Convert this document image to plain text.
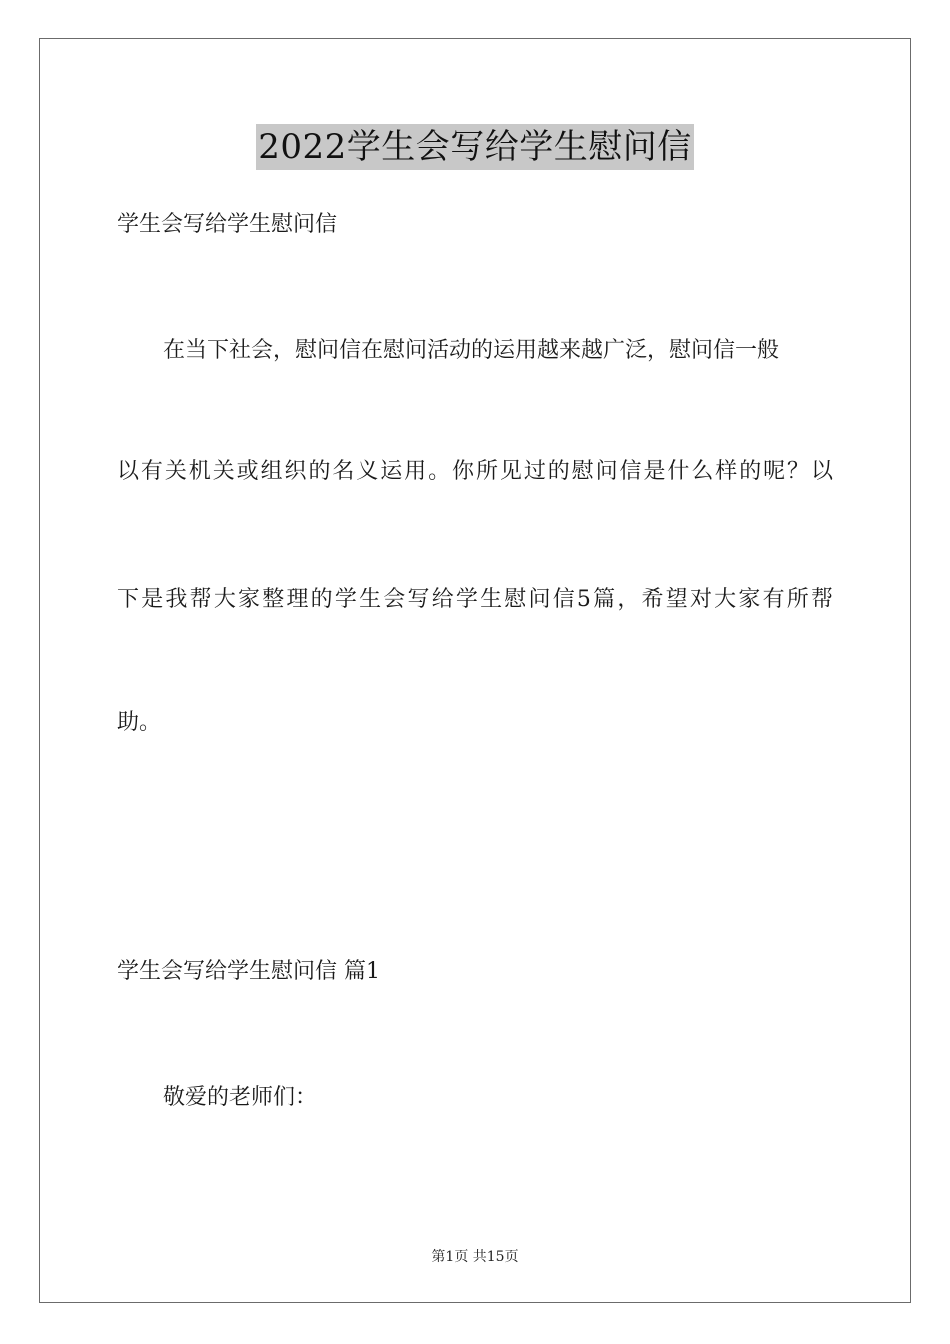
2022学生会写给学生慰问信
学生会写给学生慰问信
在当下社会，慰问信在慰问活动的运用越来越广泛，慰问信一般
以有关机关或组织的名义运用。你所见过的慰问信是什么样的呢？以
下是我帮大家整理的学生会写给学生慰问信5篇，希望对大家有所帮
助。
学生会写给学生慰问信 篇1
敬爱的老师们：
第1页 共15页
